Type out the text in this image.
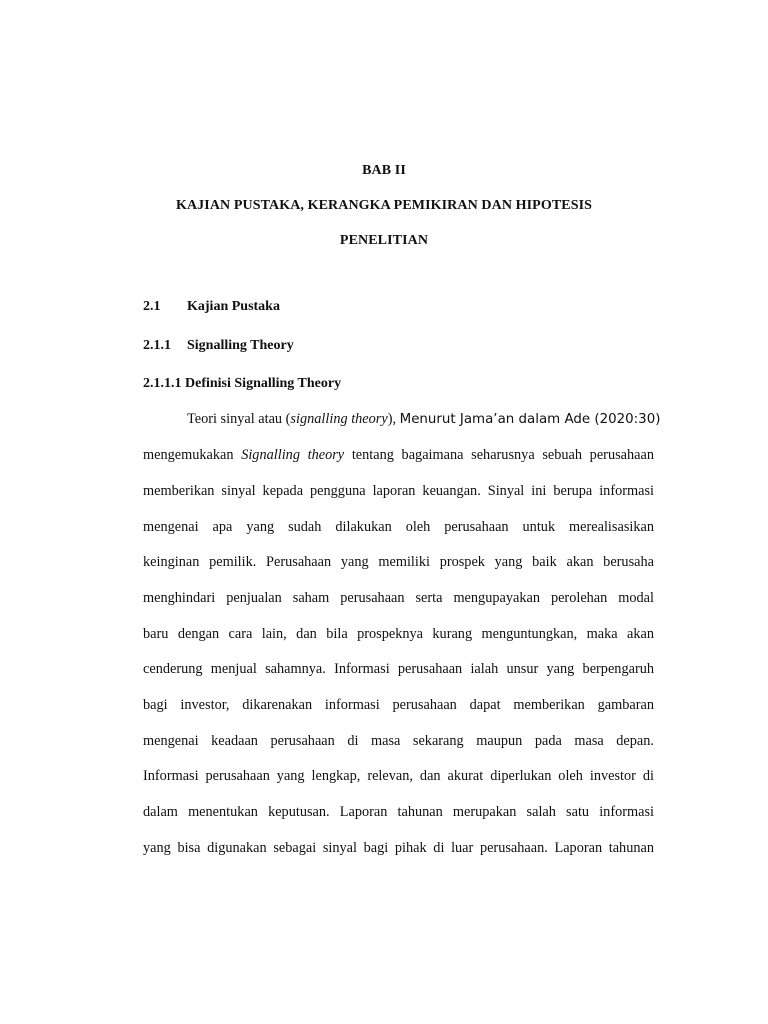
BAB II
KAJIAN PUSTAKA, KERANGKA PEMIKIRAN DAN HIPOTESIS
PENELITIAN
2.1 Kajian Pustaka
2.1.1 Signalling Theory
2.1.1.1 Definisi Signalling Theory
Teori sinyal atau (signalling theory), Menurut Jama’an dalam Ade (2020:30)
mengemukakan Signalling theory tentang bagaimana seharusnya sebuah perusahaan
memberikan sinyal kepada pengguna laporan keuangan. Sinyal ini berupa informasi
mengenai apa yang sudah dilakukan oleh perusahaan untuk merealisasikan
keinginan pemilik. Perusahaan yang memiliki prospek yang baik akan berusaha
menghindari penjualan saham perusahaan serta mengupayakan perolehan modal
baru dengan cara lain, dan bila prospeknya kurang menguntungkan, maka akan
cenderung menjual sahamnya. Informasi perusahaan ialah unsur yang berpengaruh
bagi investor, dikarenakan informasi perusahaan dapat memberikan gambaran
mengenai keadaan perusahaan di masa sekarang maupun pada masa depan.
Informasi perusahaan yang lengkap, relevan, dan akurat diperlukan oleh investor di
dalam menentukan keputusan. Laporan tahunan merupakan salah satu informasi
yang bisa digunakan sebagai sinyal bagi pihak di luar perusahaan. Laporan tahunan
